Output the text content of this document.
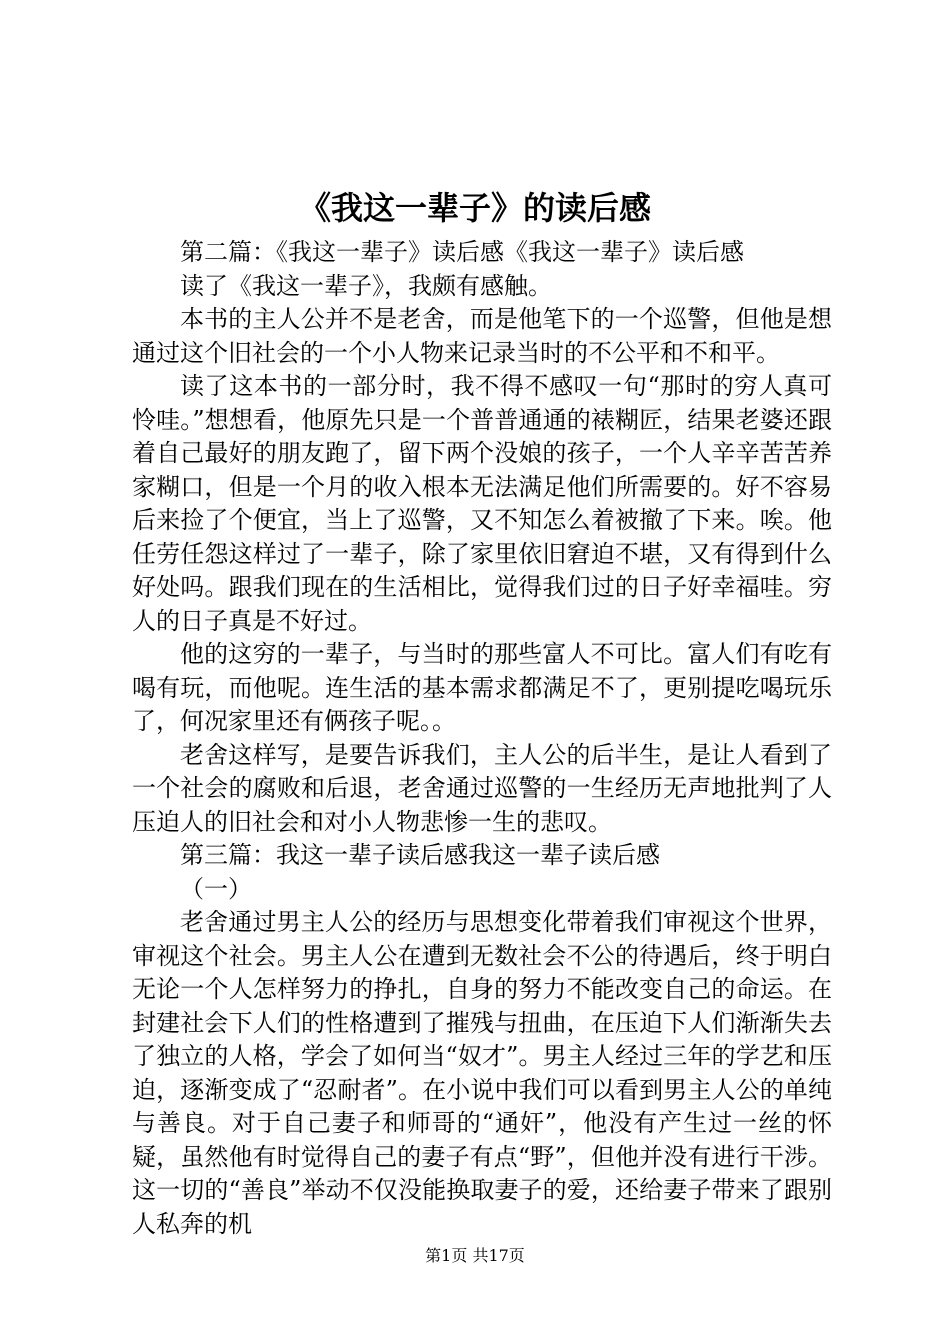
《我这一辈子》的读后感

第二篇：《我这一辈子》读后感《我这一辈子》读后感

读了《我这一辈子》，我颇有感触。

本书的主人公并不是老舍，而是他笔下的一个巡警，但他是想通过这个旧社会的一个小人物来记录当时的不公平和不和平。

读了这本书的一部分时，我不得不感叹一句“那时的穷人真可怜哇。”想想看，他原先只是一个普普通通的裱糊匠，结果老婆还跟着自己最好的朋友跑了，留下两个没娘的孩子，一个人辛辛苦苦养家糊口，但是一个月的收入根本无法满足他们所需要的。好不容易后来捡了个便宜，当上了巡警，又不知怎么着被撤了下来。唉。他任劳任怨这样过了一辈子，除了家里依旧窘迫不堪，又有得到什么好处吗。跟我们现在的生活相比，觉得我们过的日子好幸福哇。穷人的日子真是不好过。

他的这穷的一辈子，与当时的那些富人不可比。富人们有吃有喝有玩，而他呢。连生活的基本需求都满足不了，更别提吃喝玩乐了，何况家里还有俩孩子呢。。

老舍这样写，是要告诉我们，主人公的后半生，是让人看到了一个社会的腐败和后退，老舍通过巡警的一生经历无声地批判了人压迫人的旧社会和对小人物悲惨一生的悲叹。

第三篇：我这一辈子读后感我这一辈子读后感

（一）

老舍通过男主人公的经历与思想变化带着我们审视这个世界，审视这个社会。男主人公在遭到无数社会不公的待遇后，终于明白无论一个人怎样努力的挣扎，自身的努力不能改变自己的命运。在封建社会下人们的性格遭到了摧残与扭曲，在压迫下人们渐渐失去了独立的人格，学会了如何当“奴才”。男主人经过三年的学艺和压迫，逐渐变成了“忍耐者”。在小说中我们可以看到男主人公的单纯与善良。对于自己妻子和师哥的“通奸”，他没有产生过一丝的怀疑，虽然他有时觉得自己的妻子有点“野”，但他并没有进行干涉。这一切的“善良”举动不仅没能换取妻子的爱，还给妻子带来了跟别人私奔的机

第1页 共17页
